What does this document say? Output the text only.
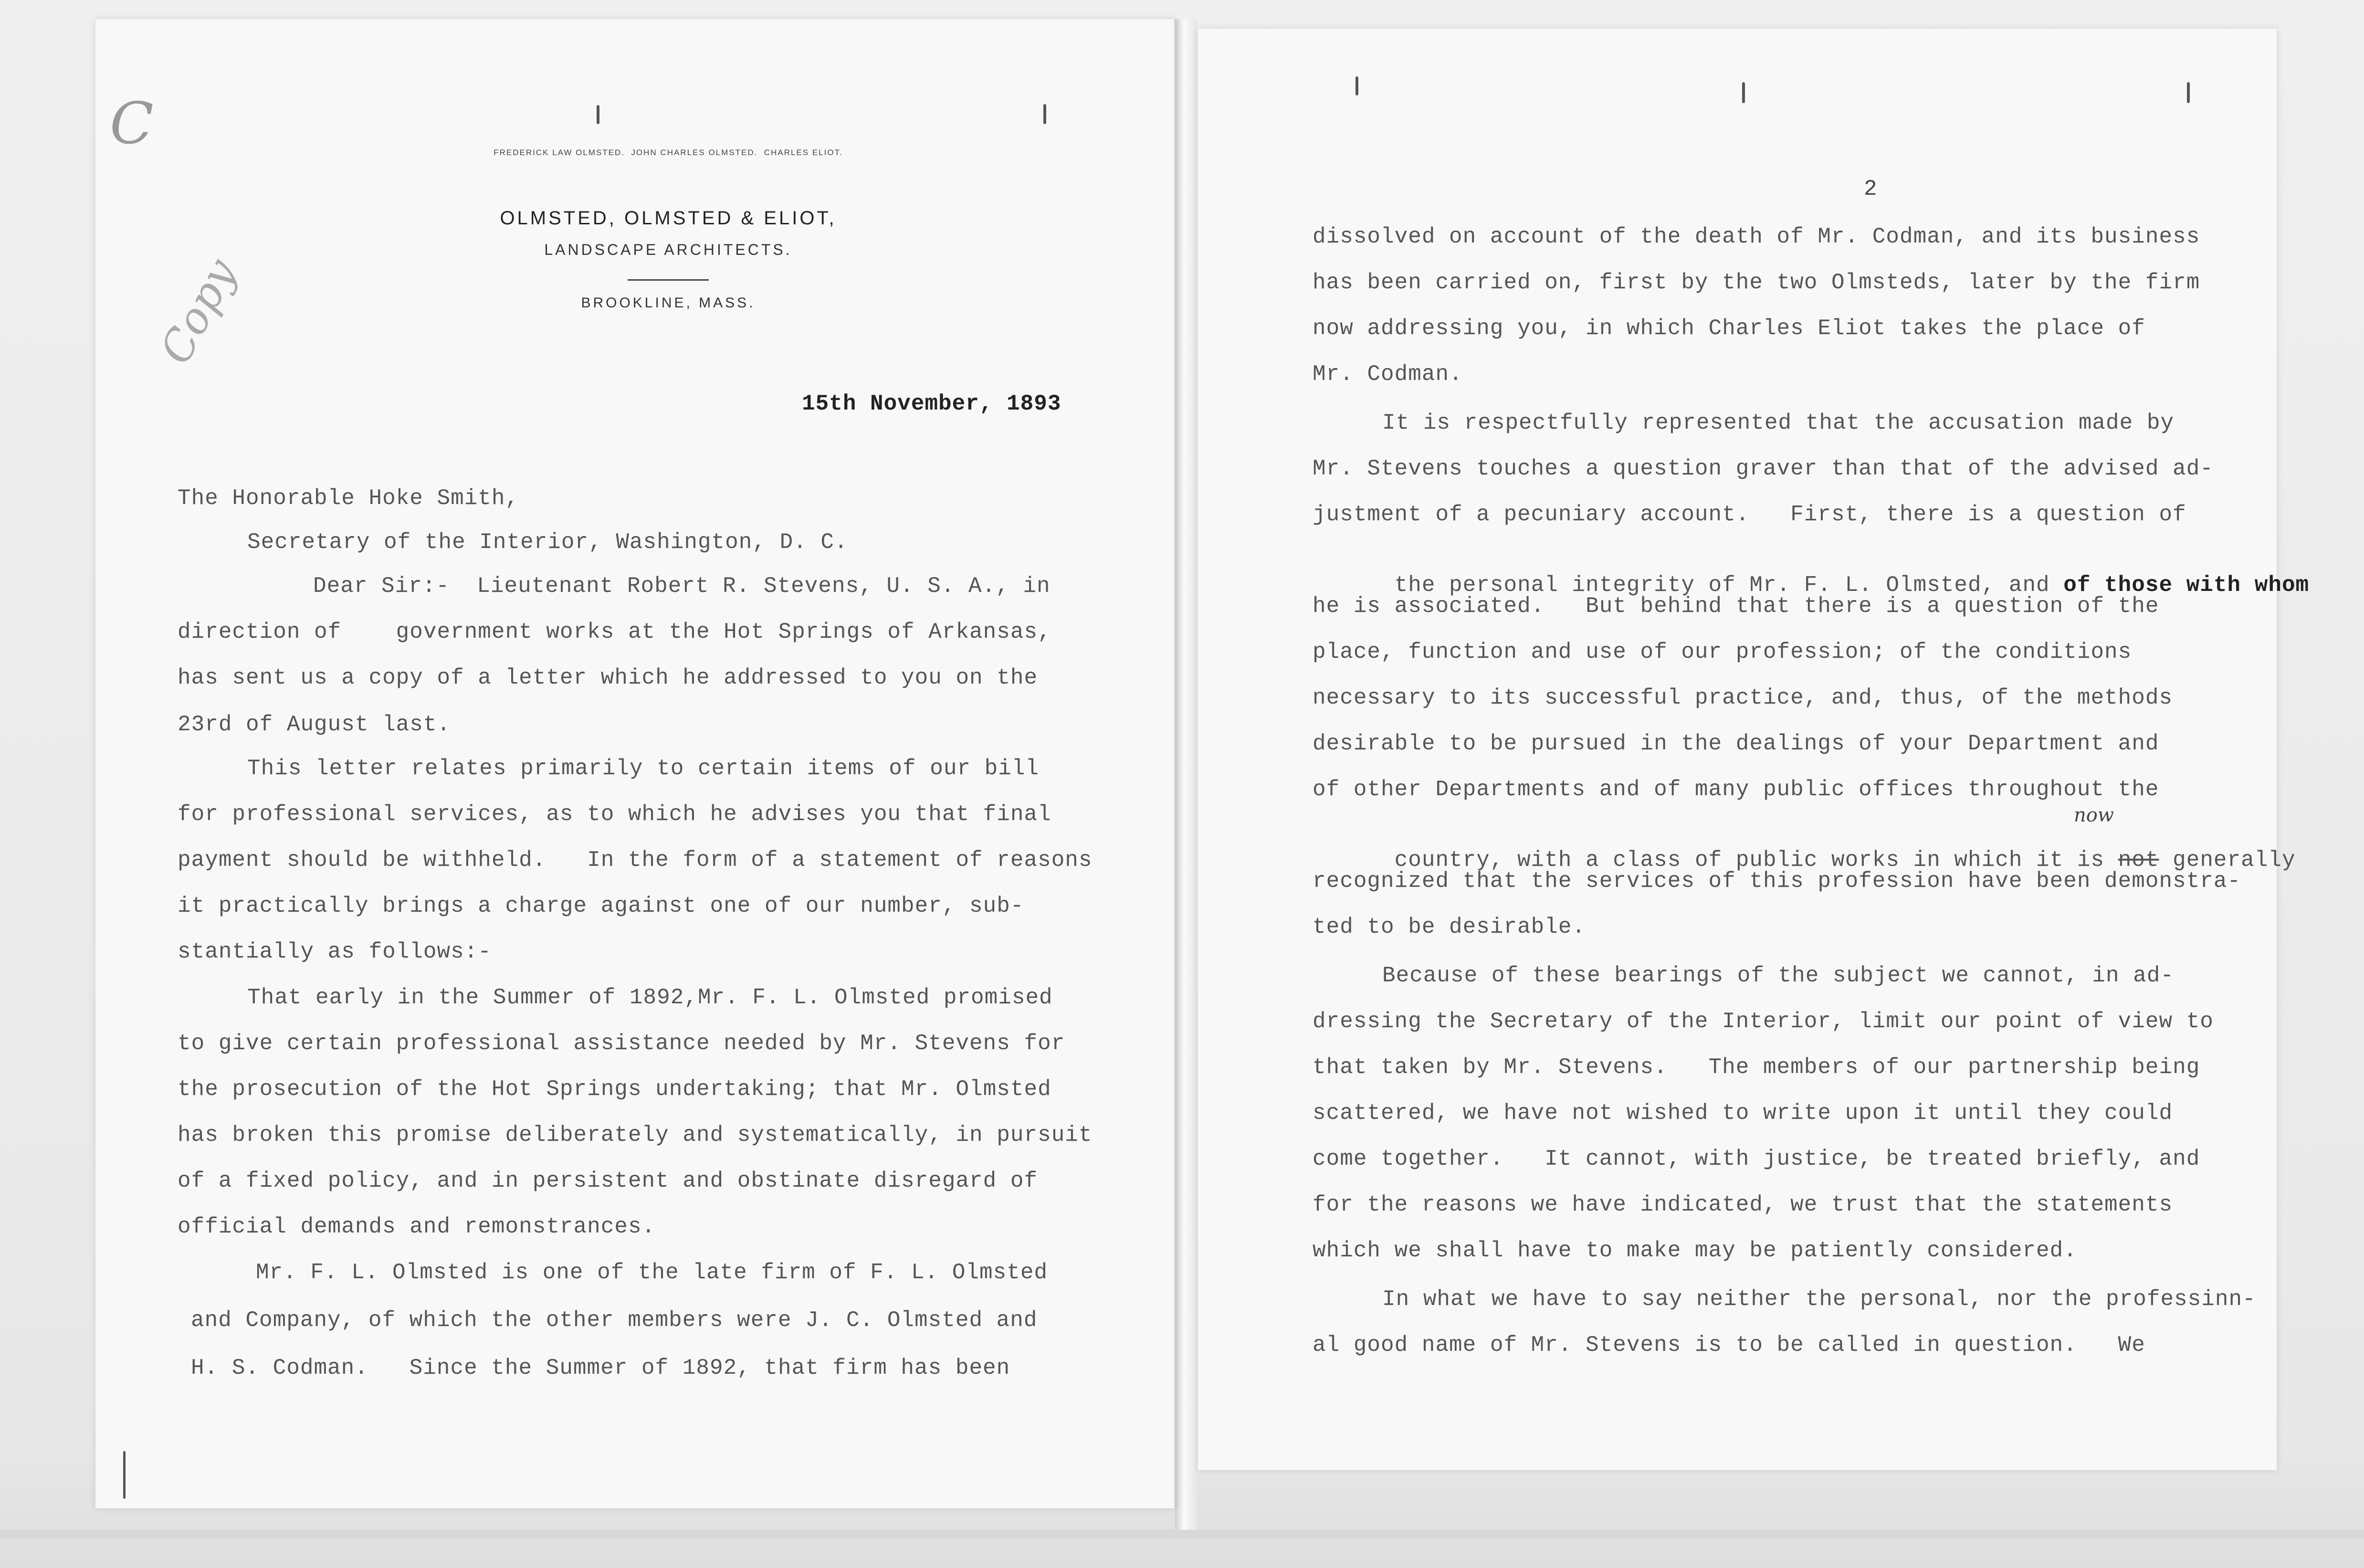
C
Copy
FREDERICK LAW OLMSTED.  JOHN CHARLES OLMSTED.  CHARLES ELIOT.
OLMSTED, OLMSTED & ELIOT,
LANDSCAPE ARCHITECTS.
BROOKLINE, MASS.
15th November, 1893
The Honorable Hoke Smith,
Secretary of the Interior, Washington, D. C.
Dear Sir:-  Lieutenant Robert R. Stevens, U. S. A., in
direction of    government works at the Hot Springs of Arkansas,
has sent us a copy of a letter which he addressed to you on the
23rd of August last.
This letter relates primarily to certain items of our bill
for professional services, as to which he advises you that final
payment should be withheld.   In the form of a statement of reasons
it practically brings a charge against one of our number, sub-
stantially as follows:-
That early in the Summer of 1892,Mr. F. L. Olmsted promised
to give certain professional assistance needed by Mr. Stevens for
the prosecution of the Hot Springs undertaking; that Mr. Olmsted
has broken this promise deliberately and systematically, in pursuit
of a fixed policy, and in persistent and obstinate disregard of
official demands and remonstrances.
Mr. F. L. Olmsted is one of the late firm of F. L. Olmsted
and Company, of which the other members were J. C. Olmsted and
H. S. Codman.   Since the Summer of 1892, that firm has been
2
dissolved on account of the death of Mr. Codman, and its business
has been carried on, first by the two Olmsteds, later by the firm
now addressing you, in which Charles Eliot takes the place of
Mr. Codman.
It is respectfully represented that the accusation made by
Mr. Stevens touches a question graver than that of the advised ad-
justment of a pecuniary account.   First, there is a question of

the personal integrity of Mr. F. L. Olmsted, and of those with whom

he is associated.   But behind that there is a question of the
place, function and use of our profession; of the conditions
necessary to its successful practice, and, thus, of the methods
desirable to be pursued in the dealings of your Department and
of other Departments and of many public offices throughout the

country, with a class of public works in which it is not generally

now
recognized that the services of this profession have been demonstra-
ted to be desirable.
Because of these bearings of the subject we cannot, in ad-
dressing the Secretary of the Interior, limit our point of view to
that taken by Mr. Stevens.   The members of our partnership being
scattered, we have not wished to write upon it until they could
come together.   It cannot, with justice, be treated briefly, and
for the reasons we have indicated, we trust that the statements
which we shall have to make may be patiently considered.
In what we have to say neither the personal, nor the professinn-
al good name of Mr. Stevens is to be called in question.   We
